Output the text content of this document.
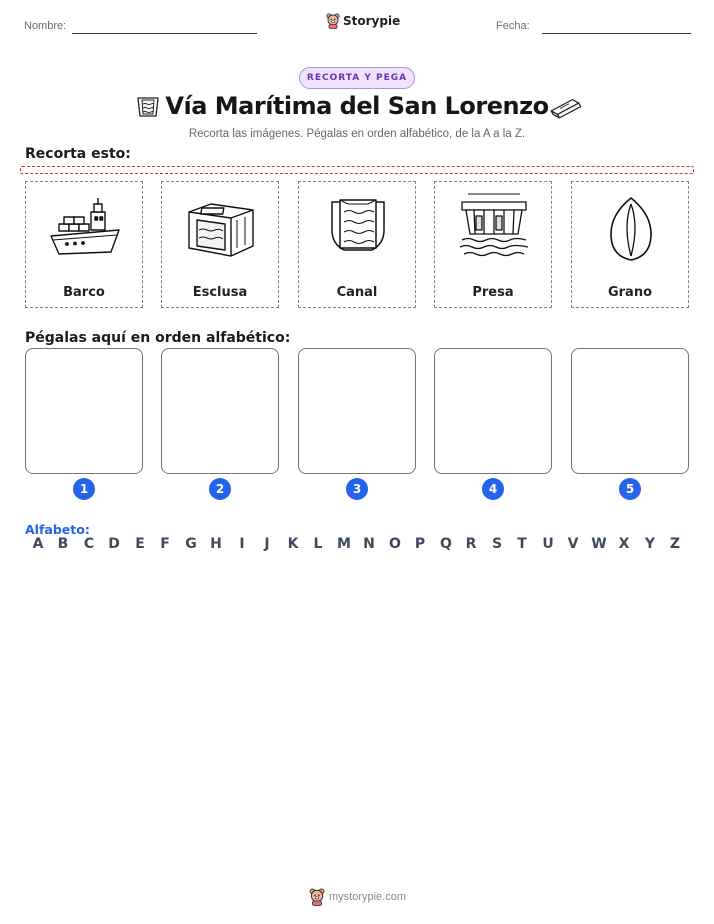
Nombre:	Storypie	Fecha:
RECORTA Y PEGA
Vía Marítima del San Lorenzo
Recorta las imágenes. Pégalas en orden alfabético, de la A a la Z.
Recorta esto:
Barco	Esclusa	Canal	Presa	Grano
Pégalas aquí en orden alfabético:
1	2	3	4	5
Alfabeto:
A	B	C	D	E	F	G H	I	J	K	L	M N O P	Q R	S	T	U V W X	Y	Z
mystorypie.com
